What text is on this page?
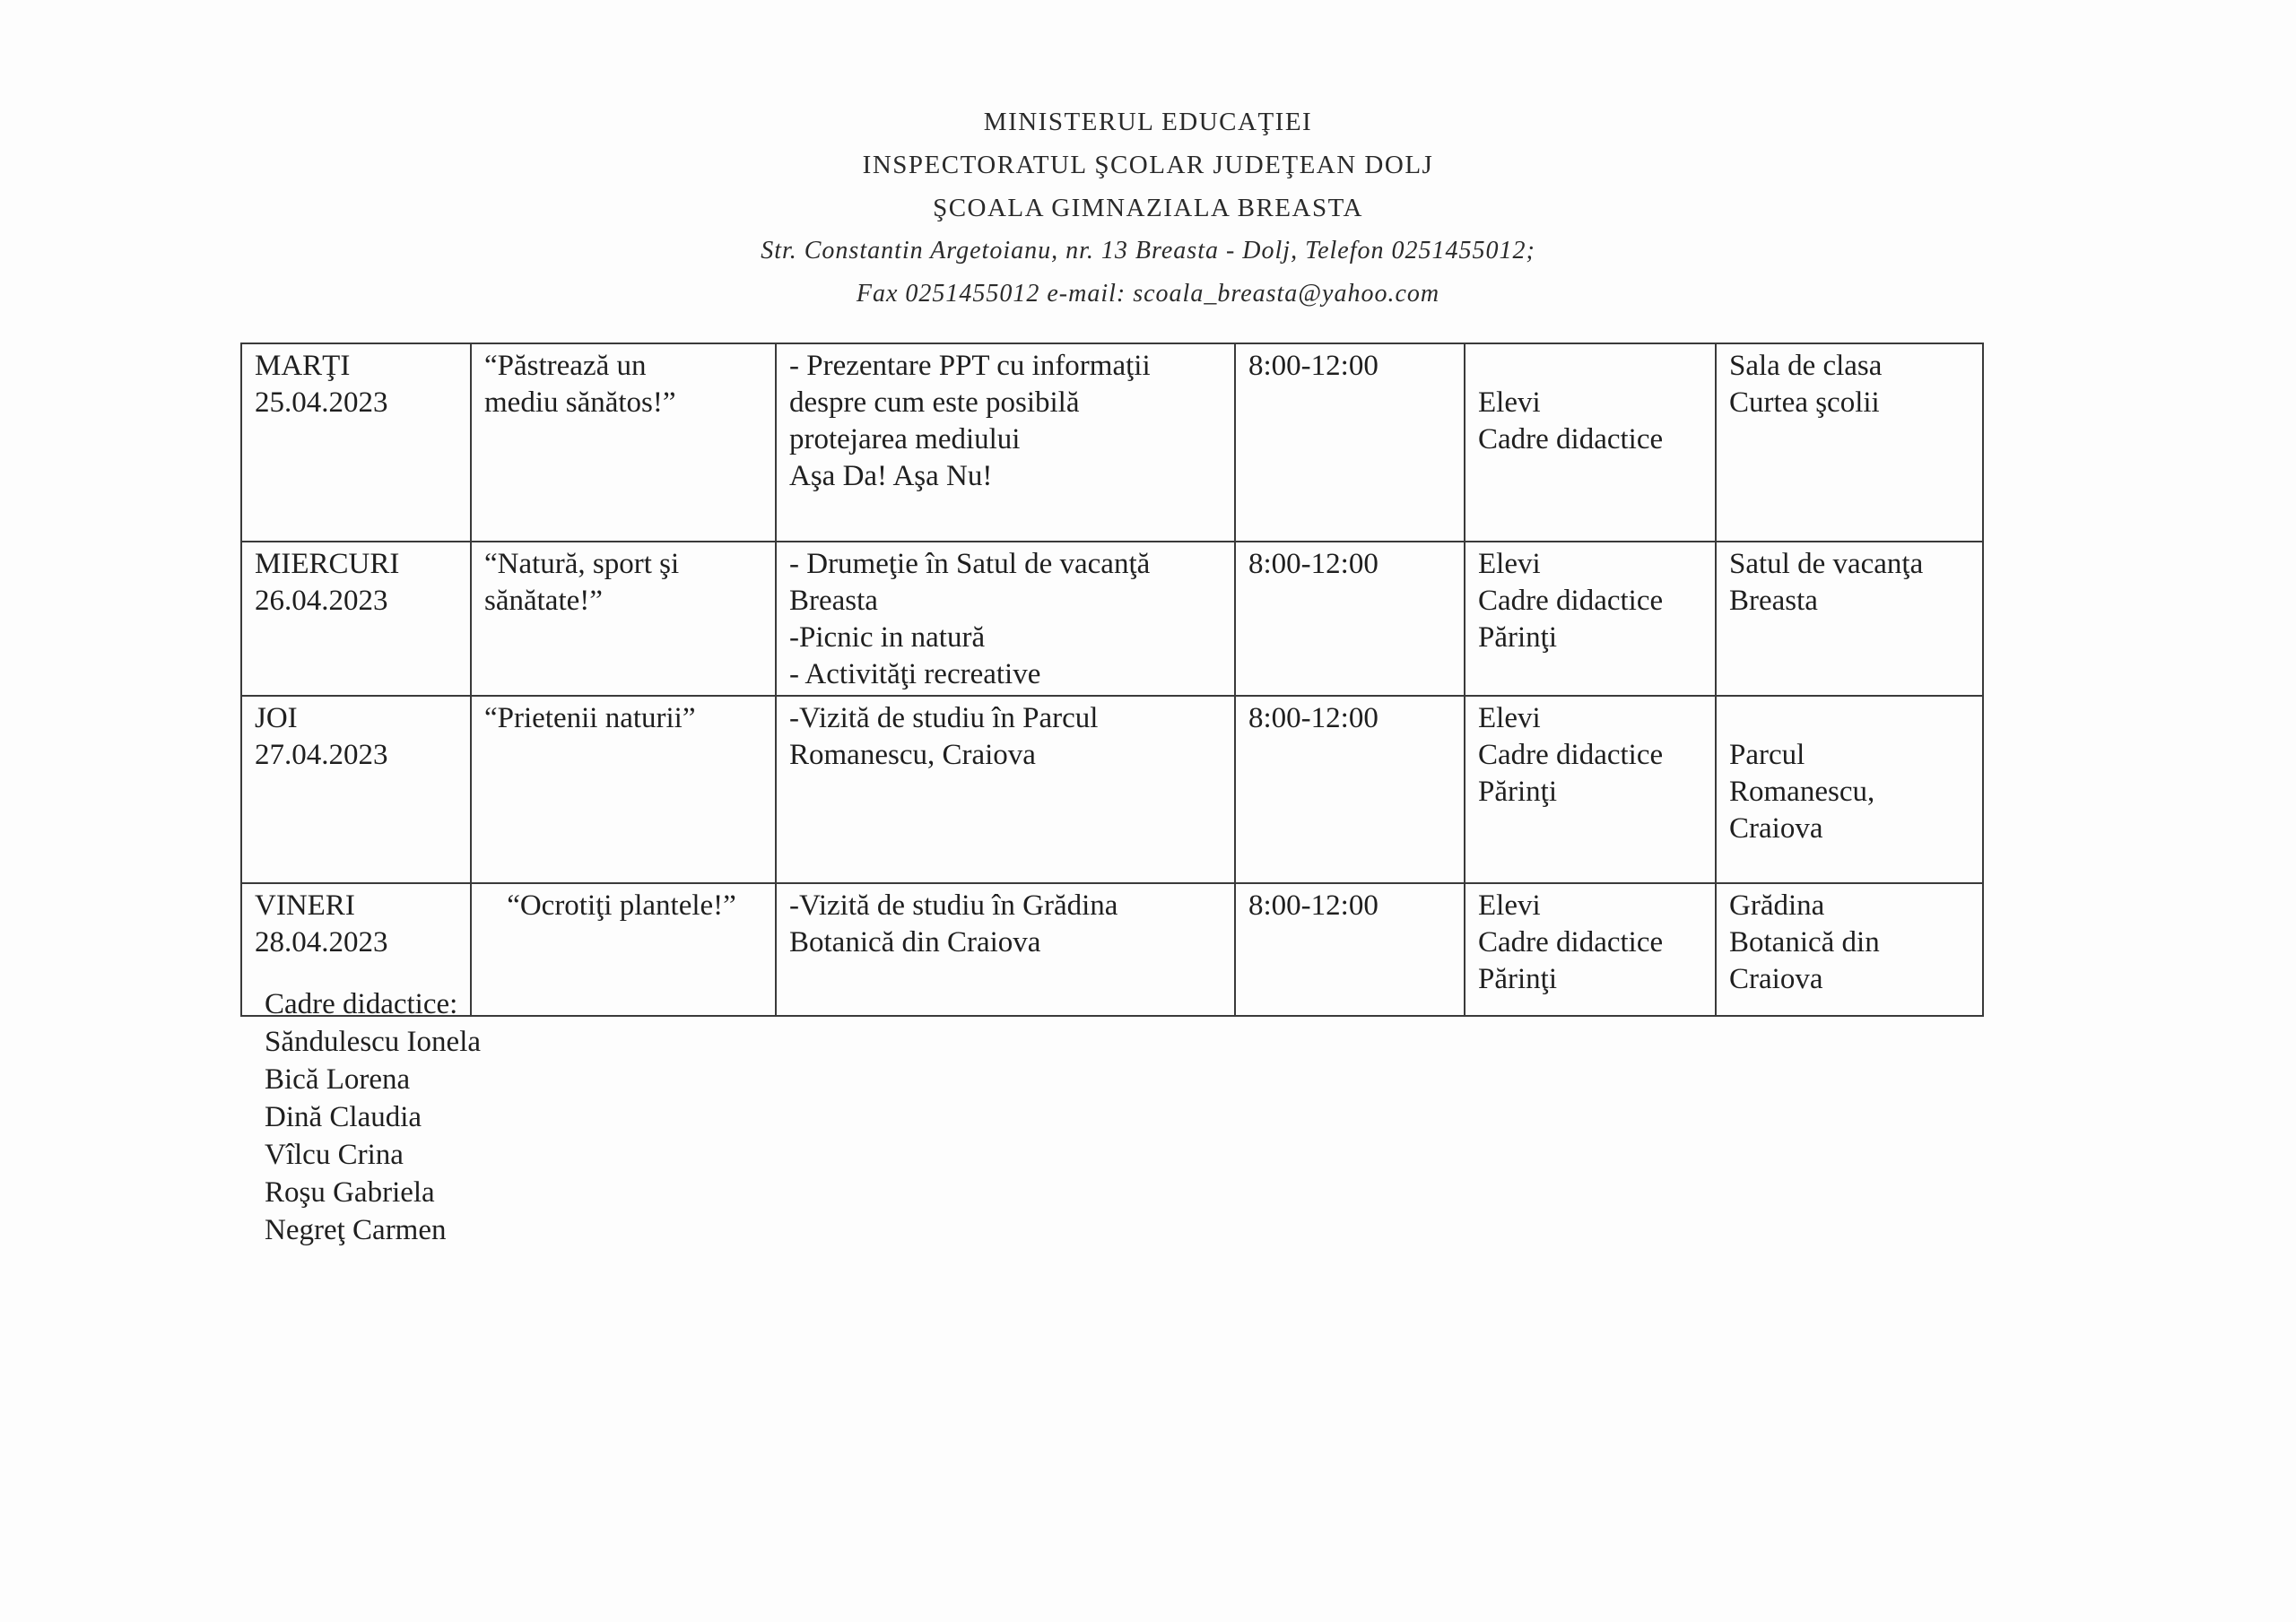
MINISTERUL EDUCAŢIEI
INSPECTORATUL ŞCOLAR JUDEŢEAN DOLJ
ŞCOALA GIMNAZIALA BREASTA
Str. Constantin Argetoianu, nr. 13 Breasta - Dolj, Telefon 0251455012;
Fax 0251455012 e-mail: scoala_breasta@yahoo.com
MARŢI
25.04.2023	“Păstrează un
mediu sănătos!”	- Prezentare PPT cu informaţii
despre cum este posibilă
protejarea mediului
Aşa Da! Aşa Nu!	8:00-12:00	Elevi
Cadre didactice	Sala de clasa
Curtea şcolii

MIERCURI
26.04.2023	“Natură, sport şi
sănătate!”	- Drumeţie în Satul de vacanţă
Breasta
-Picnic in natură
- Activităţi recreative	8:00-12:00	Elevi
Cadre didactice
Părinţi	Satul de vacanţa
Breasta

JOI
27.04.2023	“Prietenii naturii”	-Vizită de studiu în Parcul
Romanescu, Craiova	8:00-12:00	Elevi
Cadre didactice
Părinţi	Parcul
Romanescu,
Craiova

VINERI
28.04.2023	“Ocrotiţi plantele!”	-Vizită de studiu în Grădina
Botanică din Craiova	8:00-12:00	Elevi
Cadre didactice
Părinţi	Grădina
Botanică din
Craiova
Cadre didactice:
Săndulescu Ionela
Bică Lorena
Dină Claudia
Vîlcu Crina
Roşu Gabriela
Negreţ Carmen
